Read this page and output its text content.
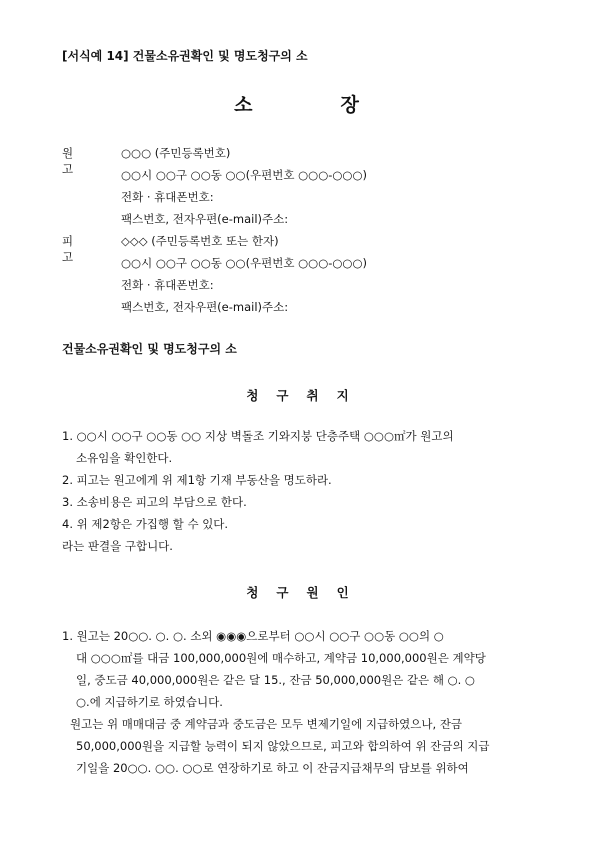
[서식예 14] 건물소유권확인 및 명도청구의 소
소	장
원고
○○○ (주민등록번호)
○○시 ○○구 ○○동 ○○(우편번호 ○○○-○○○)
전화 · 휴대폰번호:
팩스번호, 전자우편(e-mail)주소:
피고
◇◇◇ (주민등록번호 또는 한자)
○○시 ○○구 ○○동 ○○(우편번호 ○○○-○○○)
전화 · 휴대폰번호:
팩스번호, 전자우편(e-mail)주소:
건물소유권확인 및 명도청구의 소
청 구 취 지
1. ○○시 ○○구 ○○동 ○○ 지상 벽돌조 기와지붕 단층주택 ○○○㎡가 원고의
소유임을 확인한다.
2. 피고는 원고에게 위 제1항 기재 부동산을 명도하라.
3. 소송비용은 피고의 부담으로 한다.
4. 위 제2항은 가집행 할 수 있다.
라는 판결을 구합니다.
청 구 원 인
1. 원고는 20○○. ○. ○. 소외 ◉◉◉으로부터 ○○시 ○○구 ○○동 ○○의 ○
대 ○○○㎡를 대금 100,000,000원에 매수하고, 계약금 10,000,000원은 계약당
일, 중도금 40,000,000원은 같은 달 15., 잔금 50,000,000원은 같은 해 ○. ○
○.에 지급하기로 하였습니다.
원고는 위 매매대금 중 계약금과 중도금은 모두 변제기일에 지급하였으나, 잔금
50,000,000원을 지급할 능력이 되지 않았으므로, 피고와 합의하여 위 잔금의 지급
기일을 20○○. ○○. ○○로 연장하기로 하고 이 잔금지급채무의 담보를 위하여
